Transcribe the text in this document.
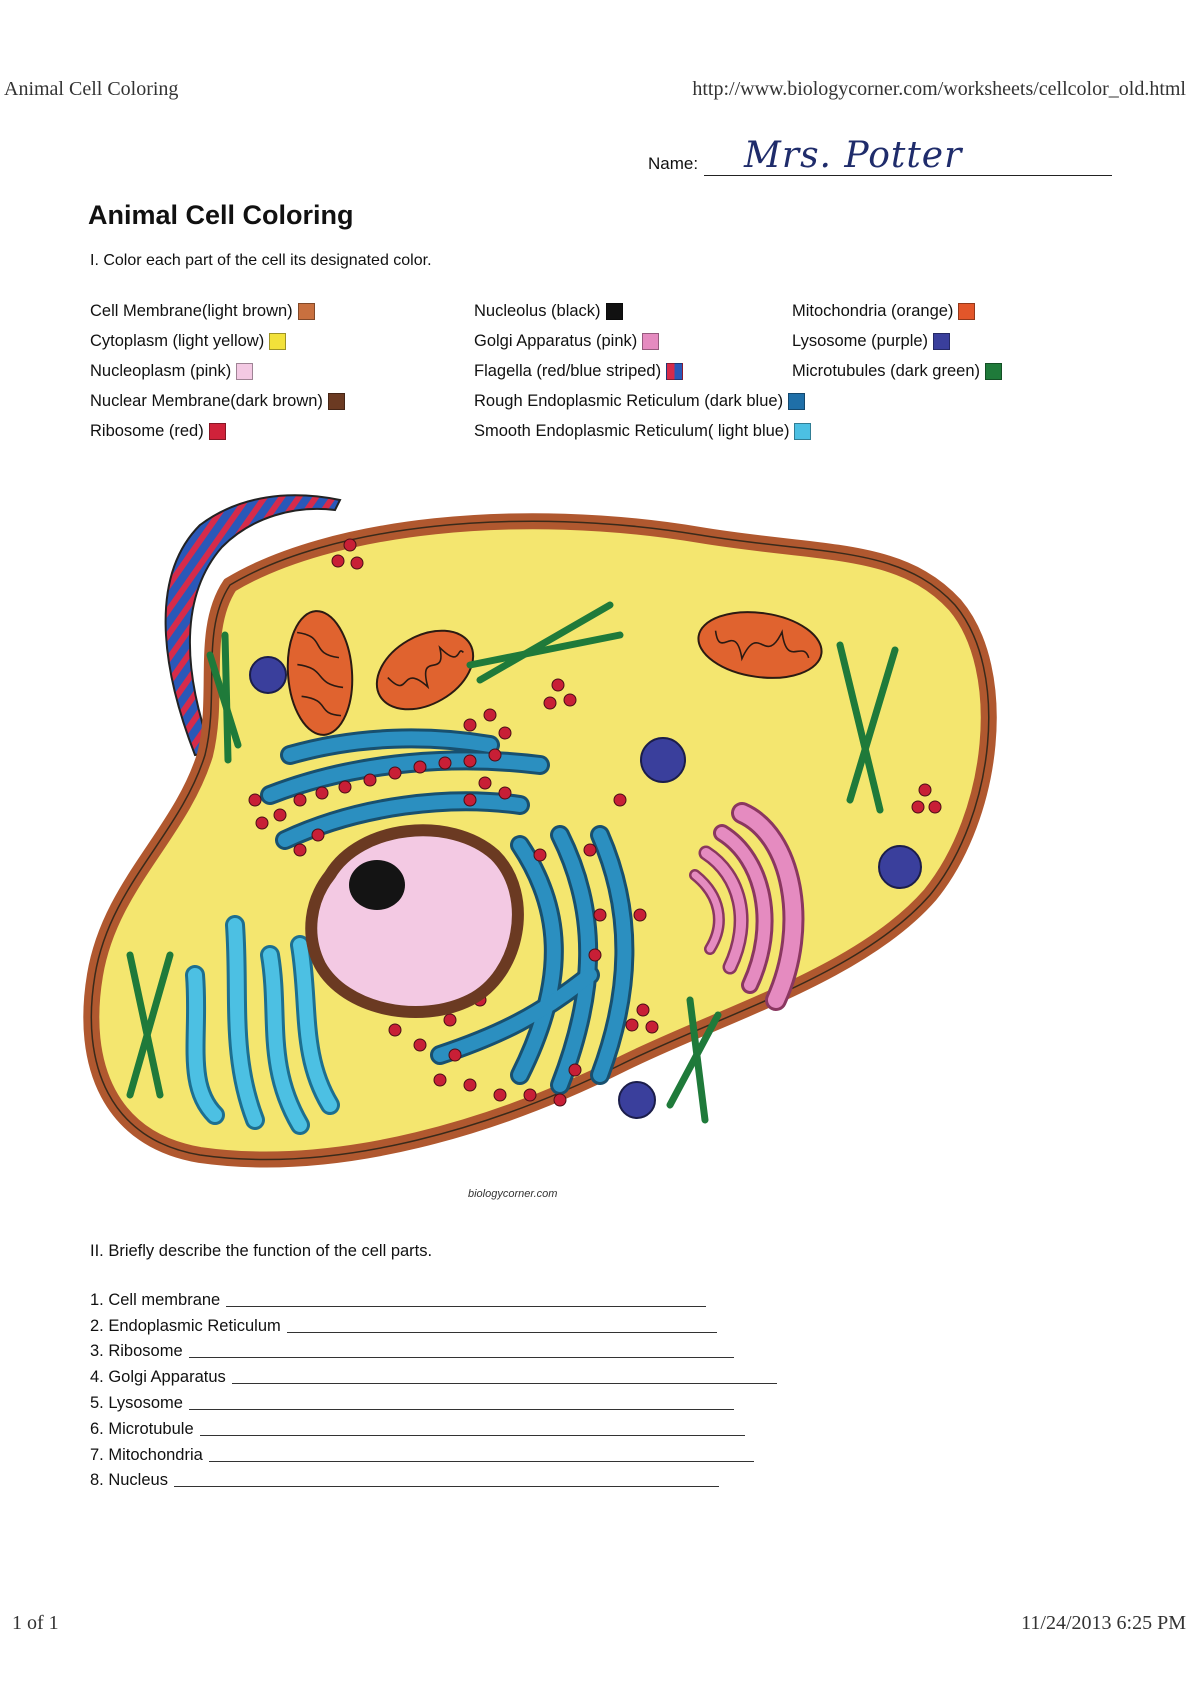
Animal Cell Coloring	http://www.biologycorner.com/worksheets/cellcolor_old.html
Name: Mrs. Potter
Animal Cell Coloring
I. Color each part of the cell its designated color.
Cell Membrane(light brown)
Cytoplasm (light yellow)
Nucleoplasm (pink)
Nuclear Membrane(dark brown)
Ribosome (red)
Nucleolus (black)
Golgi Apparatus (pink)
Flagella (red/blue striped)
Rough Endoplasmic Reticulum (dark blue)
Smooth Endoplasmic Reticulum( light blue)
Mitochondria (orange)
Lysosome (purple)
Microtubules (dark green)
biologycorner.com
II. Briefly describe the function of the cell parts.
1. Cell membrane
2. Endoplasmic Reticulum
3. Ribosome
4. Golgi Apparatus
5. Lysosome
6. Microtubule
7. Mitochondria
8. Nucleus
1 of 1	11/24/2013 6:25 PM
